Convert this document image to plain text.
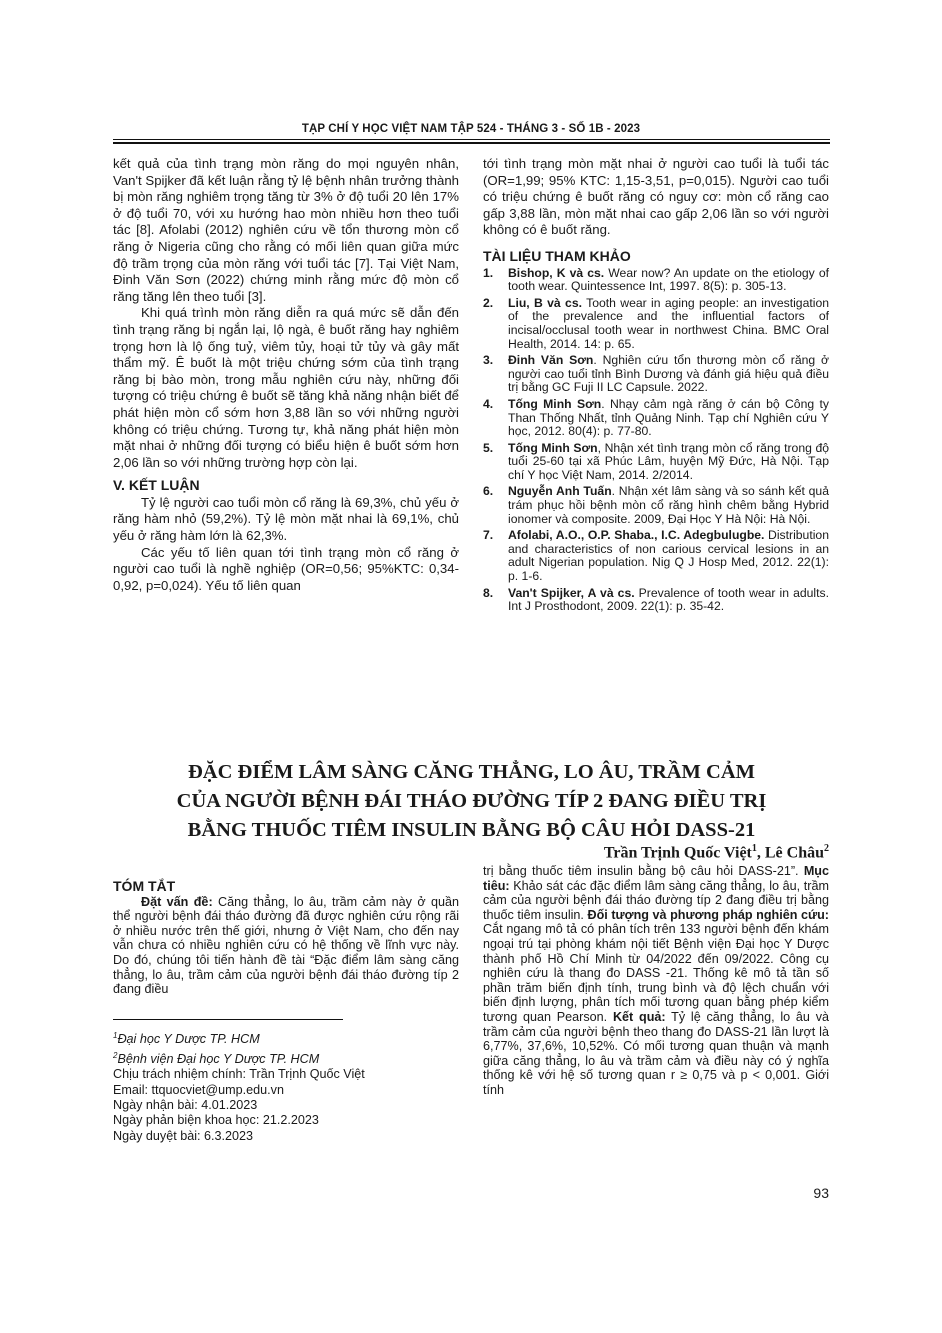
TẠP CHÍ Y HỌC VIỆT NAM TẬP 524 - THÁNG 3 - SỐ 1B - 2023

kết quả của tình trạng mòn răng do mọi nguyên nhân, Van't Spijker đã kết luận rằng tỷ lệ bệnh nhân trưởng thành bị mòn răng nghiêm trọng tăng từ 3% ở độ tuổi 20 lên 17% ở độ tuổi 70, với xu hướng hao mòn nhiều hơn theo tuổi tác [8]. Afolabi (2012) nghiên cứu về tổn thương mòn cổ răng ở Nigeria cũng cho rằng có mối liên quan giữa mức độ trầm trọng của mòn răng với tuổi tác [7]. Tại Việt Nam, Đinh Văn Sơn (2022) chứng minh rằng mức độ mòn cổ răng tăng lên theo tuổi [3].

Khi quá trình mòn răng diễn ra quá mức sẽ dẫn đến tình trạng răng bị ngắn lại, lộ ngà, ê buốt răng hay nghiêm trọng hơn là lộ ống tuỷ, viêm tủy, hoại tử tủy và gây mất thẩm mỹ. Ê buốt là một triệu chứng sớm của tình trạng răng bị bào mòn, trong mẫu nghiên cứu này, những đối tượng có triệu chứng ê buốt sẽ tăng khả năng nhận biết để phát hiện mòn cổ sớm hơn 3,88 lần so với những người không có triệu chứng. Tương tự, khả năng phát hiện mòn mặt nhai ở những đối tượng có biểu hiện ê buốt sớm hơn 2,06 lần so với những trường hợp còn lại.

V. KẾT LUẬN

Tỷ lệ người cao tuổi mòn cổ răng là 69,3%, chủ yếu ở răng hàm nhỏ (59,2%). Tỷ lệ mòn mặt nhai là 69,1%, chủ yếu ở răng hàm lớn là 62,3%.

Các yếu tố liên quan tới tình trạng mòn cổ răng ở người cao tuổi là nghề nghiệp (OR=0,56; 95%KTC: 0,34-0,92, p=0,024). Yếu tố liên quan

tới tình trạng mòn mặt nhai ở người cao tuổi là tuổi tác (OR=1,99; 95% KTC: 1,15-3,51, p=0,015). Người cao tuổi có triệu chứng ê buốt răng có nguy cơ: mòn cổ răng cao gấp 3,88 lần, mòn mặt nhai cao gấp 2,06 lần so với người không có ê buốt răng.

TÀI LIỆU THAM KHẢO
1. Bishop, K và cs. Wear now? An update on the etiology of tooth wear. Quintessence Int, 1997. 8(5): p. 305-13.
2. Liu, B và cs. Tooth wear in aging people: an investigation of the prevalence and the influential factors of incisal/occlusal tooth wear in northwest China. BMC Oral Health, 2014. 14: p. 65.
3. Đinh Văn Sơn. Nghiên cứu tổn thương mòn cổ răng ở người cao tuổi tỉnh Bình Dương và đánh giá hiệu quả điều trị bằng GC Fuji II LC Capsule. 2022.
4. Tống Minh Sơn. Nhạy cảm ngà răng ở cán bộ Công ty Than Thống Nhất, tỉnh Quảng Ninh. Tạp chí Nghiên cứu Y học, 2012. 80(4): p. 77-80.
5. Tống Minh Sơn, Nhận xét tình trạng mòn cổ răng trong độ tuổi 25-60 tại xã Phúc Lâm, huyện Mỹ Đức, Hà Nội. Tạp chí Y học Việt Nam, 2014. 2/2014.
6. Nguyễn Anh Tuấn. Nhận xét lâm sàng và so sánh kết quả trám phục hồi bệnh mòn cổ răng hình chêm bằng Hybrid ionomer và composite. 2009, Đại Học Y Hà Nội: Hà Nội.
7. Afolabi, A.O., O.P. Shaba., I.C. Adegbulugbe. Distribution and characteristics of non carious cervical lesions in an adult Nigerian population. Nig Q J Hosp Med, 2012. 22(1): p. 1-6.
8. Van't Spijker, A và cs. Prevalence of tooth wear in adults. Int J Prosthodont, 2009. 22(1): p. 35-42.
ĐẶC ĐIỂM LÂM SÀNG CĂNG THẲNG, LO ÂU, TRẦM CẢM
CỦA NGƯỜI BỆNH ĐÁI THÁO ĐƯỜNG TÍP 2 ĐANG ĐIỀU TRỊ
BẰNG THUỐC TIÊM INSULIN BẰNG BỘ CÂU HỎI DASS-21
Trần Trịnh Quốc Việt$^1$, Lê Châu$^2$
TÓM TẮT

Đặt vấn đề: Căng thẳng, lo âu, trầm cảm này ở quần thể người bệnh đái tháo đường đã được nghiên cứu rộng rãi ở nhiều nước trên thế giới, nhưng ở Việt Nam, cho đến nay vẫn chưa có nhiều nghiên cứu có hệ thống về lĩnh vực này. Do đó, chúng tôi tiến hành đề tài “Đặc điểm lâm sàng căng thẳng, lo âu, trầm cảm của người bệnh đái tháo đường típ 2 đang điều

trị bằng thuốc tiêm insulin bằng bộ câu hỏi DASS-21”. Mục tiêu: Khảo sát các đặc điểm lâm sàng căng thẳng, lo âu, trầm cảm của người bệnh đái tháo đường típ 2 đang điều trị bằng thuốc tiêm insulin. Đối tượng và phương pháp nghiên cứu: Cắt ngang mô tả có phân tích trên 133 người bệnh đến khám ngoại trú tại phòng khám nội tiết Bệnh viện Đại học Y Dược thành phố Hồ Chí Minh từ 04/2022 đến 09/2022. Công cụ nghiên cứu là thang đo DASS -21. Thống kê mô tả tần số phần trăm biến định tính, trung bình và độ lệch chuẩn với biến định lượng, phân tích mối tương quan bằng phép kiểm tương quan Pearson. Kết quả: Tỷ lệ căng thẳng, lo âu và trầm cảm của người bệnh theo thang đo DASS-21 lần lượt là 6,77%, 37,6%, 10,52%. Có mối tương quan thuận và mạnh giữa căng thẳng, lo âu và trầm cảm và điều này có ý nghĩa thống kê với hệ số tương quan r ≥ 0,75 và p < 0,001. Giới tính

$^1$Đại học Y Dược TP. HCM
$^2$Bệnh viện Đại học Y Dược TP. HCM
Chịu trách nhiệm chính: Trần Trịnh Quốc Việt
Email: ttquocviet@ump.edu.vn
Ngày nhận bài: 4.01.2023
Ngày phản biện khoa học: 21.2.2023
Ngày duyệt bài: 6.3.2023
93
